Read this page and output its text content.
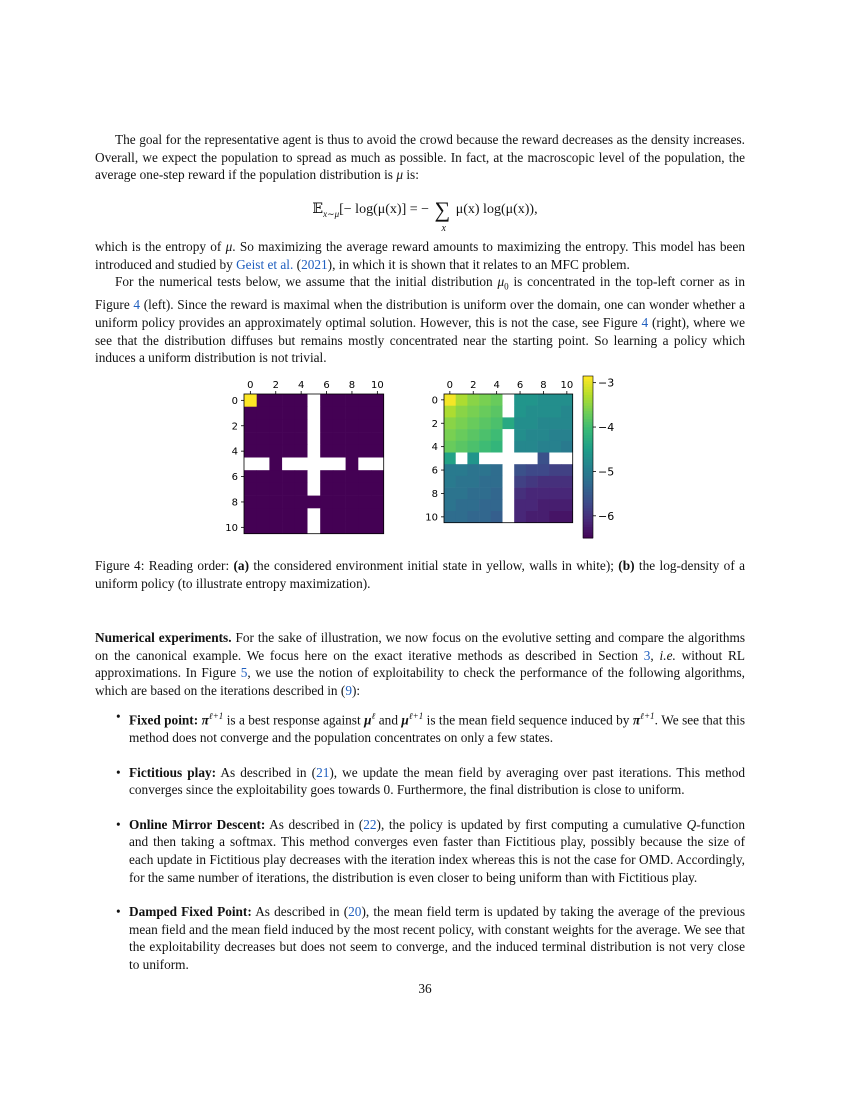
The goal for the representative agent is thus to avoid the crowd because the reward decreases as the density increases. Overall, we expect the population to spread as much as possible. In fact, at the macroscopic level of the population, the average one-step reward if the population distribution is μ is:

𝔼$_{x\sim\mu}$[− log(μ(x)] = − ∑
x
μ(x) log(μ(x)),

which is the entropy of μ. So maximizing the average reward amounts to maximizing the entropy. This model has been introduced and studied by Geist et al. (2021), in which it is shown that it relates to an MFC problem.

For the numerical tests below, we assume that the initial distribution $\mu_0$ is concentrated in the top-left corner as in Figure 4 (left). Since the reward is maximal when the distribution is uniform over the domain, one can wonder whether a uniform policy provides an approximately optimal solution. However, this is not the case, see Figure 4 (right), where we see that the distribution diffuses but remains mostly concentrated near the starting point. So learning a policy which induces a uniform distribution is not trivial.

0
0
2
2
4
4
6
6
8
8
10
10
0
0
2
2
4
4
6
6
8
8
10
10
−3
−4
−5
−6
Figure 4: Reading order: (a) the considered environment initial state in yellow, walls in white); (b) the log-density of a uniform policy (to illustrate entropy maximization).

Numerical experiments. For the sake of illustration, we now focus on the evolutive setting and compare the algorithms on the canonical example. We focus here on the exact iterative methods as described in Section 3, i.e. without RL approximations. In Figure 5, we use the notion of exploitability to check the performance of the following algorithms, which are based on the iterations described in (9):

• Fixed point: $\pi^{\ell+1}$ is a best response against $\mu^\ell$ and $\mu^{\ell+1}$ is the mean field sequence induced by $\pi^{\ell+1}$. We see that this method does not converge and the population concentrates on only a few states.
• Fictitious play: As described in (21), we update the mean field by averaging over past iterations. This method converges since the exploitability goes towards 0. Furthermore, the final distribution is close to uniform.
• Online Mirror Descent: As described in (22), the policy is updated by first computing a cumulative Q-function and then taking a softmax. This method converges even faster than Fictitious play, possibly because the size of each update in Fictitious play decreases with the iteration index whereas this is not the case for OMD. Accordingly, for the same number of iterations, the distribution is even closer to being uniform than with Fictitious play.
• Damped Fixed Point: As described in (20), the mean field term is updated by taking the average of the previous mean field and the mean field induced by the most recent policy, with constant weights for the average. We see that the exploitability decreases but does not seem to converge, and the induced terminal distribution is not very close to uniform.
36
